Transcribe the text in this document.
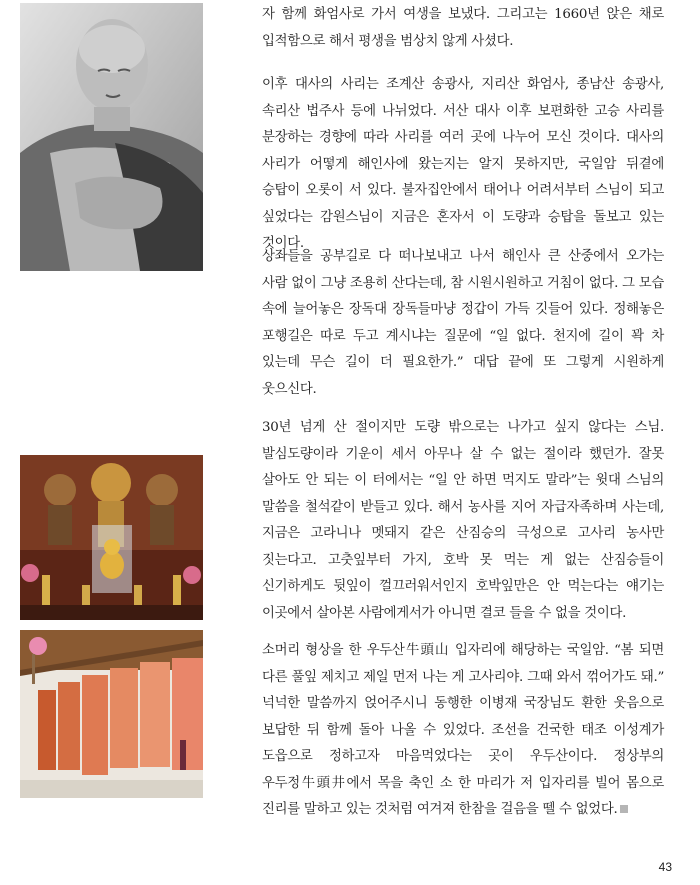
자 함께 화엄사로 가서 여생을 보냈다. 그리고는 1660년 앉은 채로 입적함으로 해서 평생을 범상치 않게 사셨다.

이후 대사의 사리는 조계산 송광사, 지리산 화엄사, 종남산 송광사, 속리산 법주사 등에 나뉘었다. 서산 대사 이후 보편화한 고승 사리를 분장하는 경향에 따라 사리를 여러 곳에 나누어 모신 것이다. 대사의 사리가 어떻게 해인사에 왔는지는 알지 못하지만, 국일암 뒤곁에 승탑이 오롯이 서 있다. 불자집안에서 태어나 어려서부터 스님이 되고 싶었다는 감원스님이 지금은 혼자서 이 도량과 승탑을 돌보고 있는 것이다.

상좌들을 공부길로 다 떠나보내고 나서 해인사 큰 산중에서 오가는 사람 없이 그냥 조용히 산다는데, 참 시원시원하고 거침이 없다. 그 모습 속에 늘어놓은 장독대 장독들마냥 정갑이 가득 깃들어 있다. 정해놓은 포행길은 따로 두고 계시냐는 질문에 “일 없다. 천지에 길이 꽉 차 있는데 무슨 길이 더 필요한가.” 대답 끝에 또 그렇게 시원하게 웃으신다.

30년 넘게 산 절이지만 도량 밖으로는 나가고 싶지 않다는 스님. 발심도량이라 기운이 세서 아무나 살 수 없는 절이라 했던가. 잘못 살아도 안 되는 이 터에서는 “일 안 하면 먹지도 말라”는 윗대 스님의 말씀을 철석같이 받들고 있다. 해서 농사를 지어 자급자족하며 사는데, 지금은 고라니나 멧돼지 같은 산짐승의 극성으로 고사리 농사만 짓는다고. 고춧잎부터 가지, 호박 못 먹는 게 없는 산짐승들이 신기하게도 뒷잎이 껄끄러워서인지 호박잎만은 안 먹는다는 얘기는 이곳에서 살아본 사람에게서가 아니면 결코 들을 수 없을 것이다.

소머리 형상을 한 우두산牛頭山 입자리에 해당하는 국일암. “봄 되면 다른 풀잎 제치고 제일 먼저 나는 게 고사리야. 그때 와서 꺾어가도 돼.” 넉넉한 말씀까지 얹어주시니 동행한 이병재 국장님도 환한 웃음으로 보답한 뒤 함께 돌아 나올 수 있었다. 조선을 건국한 태조 이성계가 도읍으로 정하고자 마음먹었다는 곳이 우두산이다. 정상부의 우두정牛頭井에서 목을 축인 소 한 마리가 저 입자리를 빌어 몸으로 진리를 말하고 있는 것처럼 여겨져 한참을 걸음을 뗄 수 없었다.

43
